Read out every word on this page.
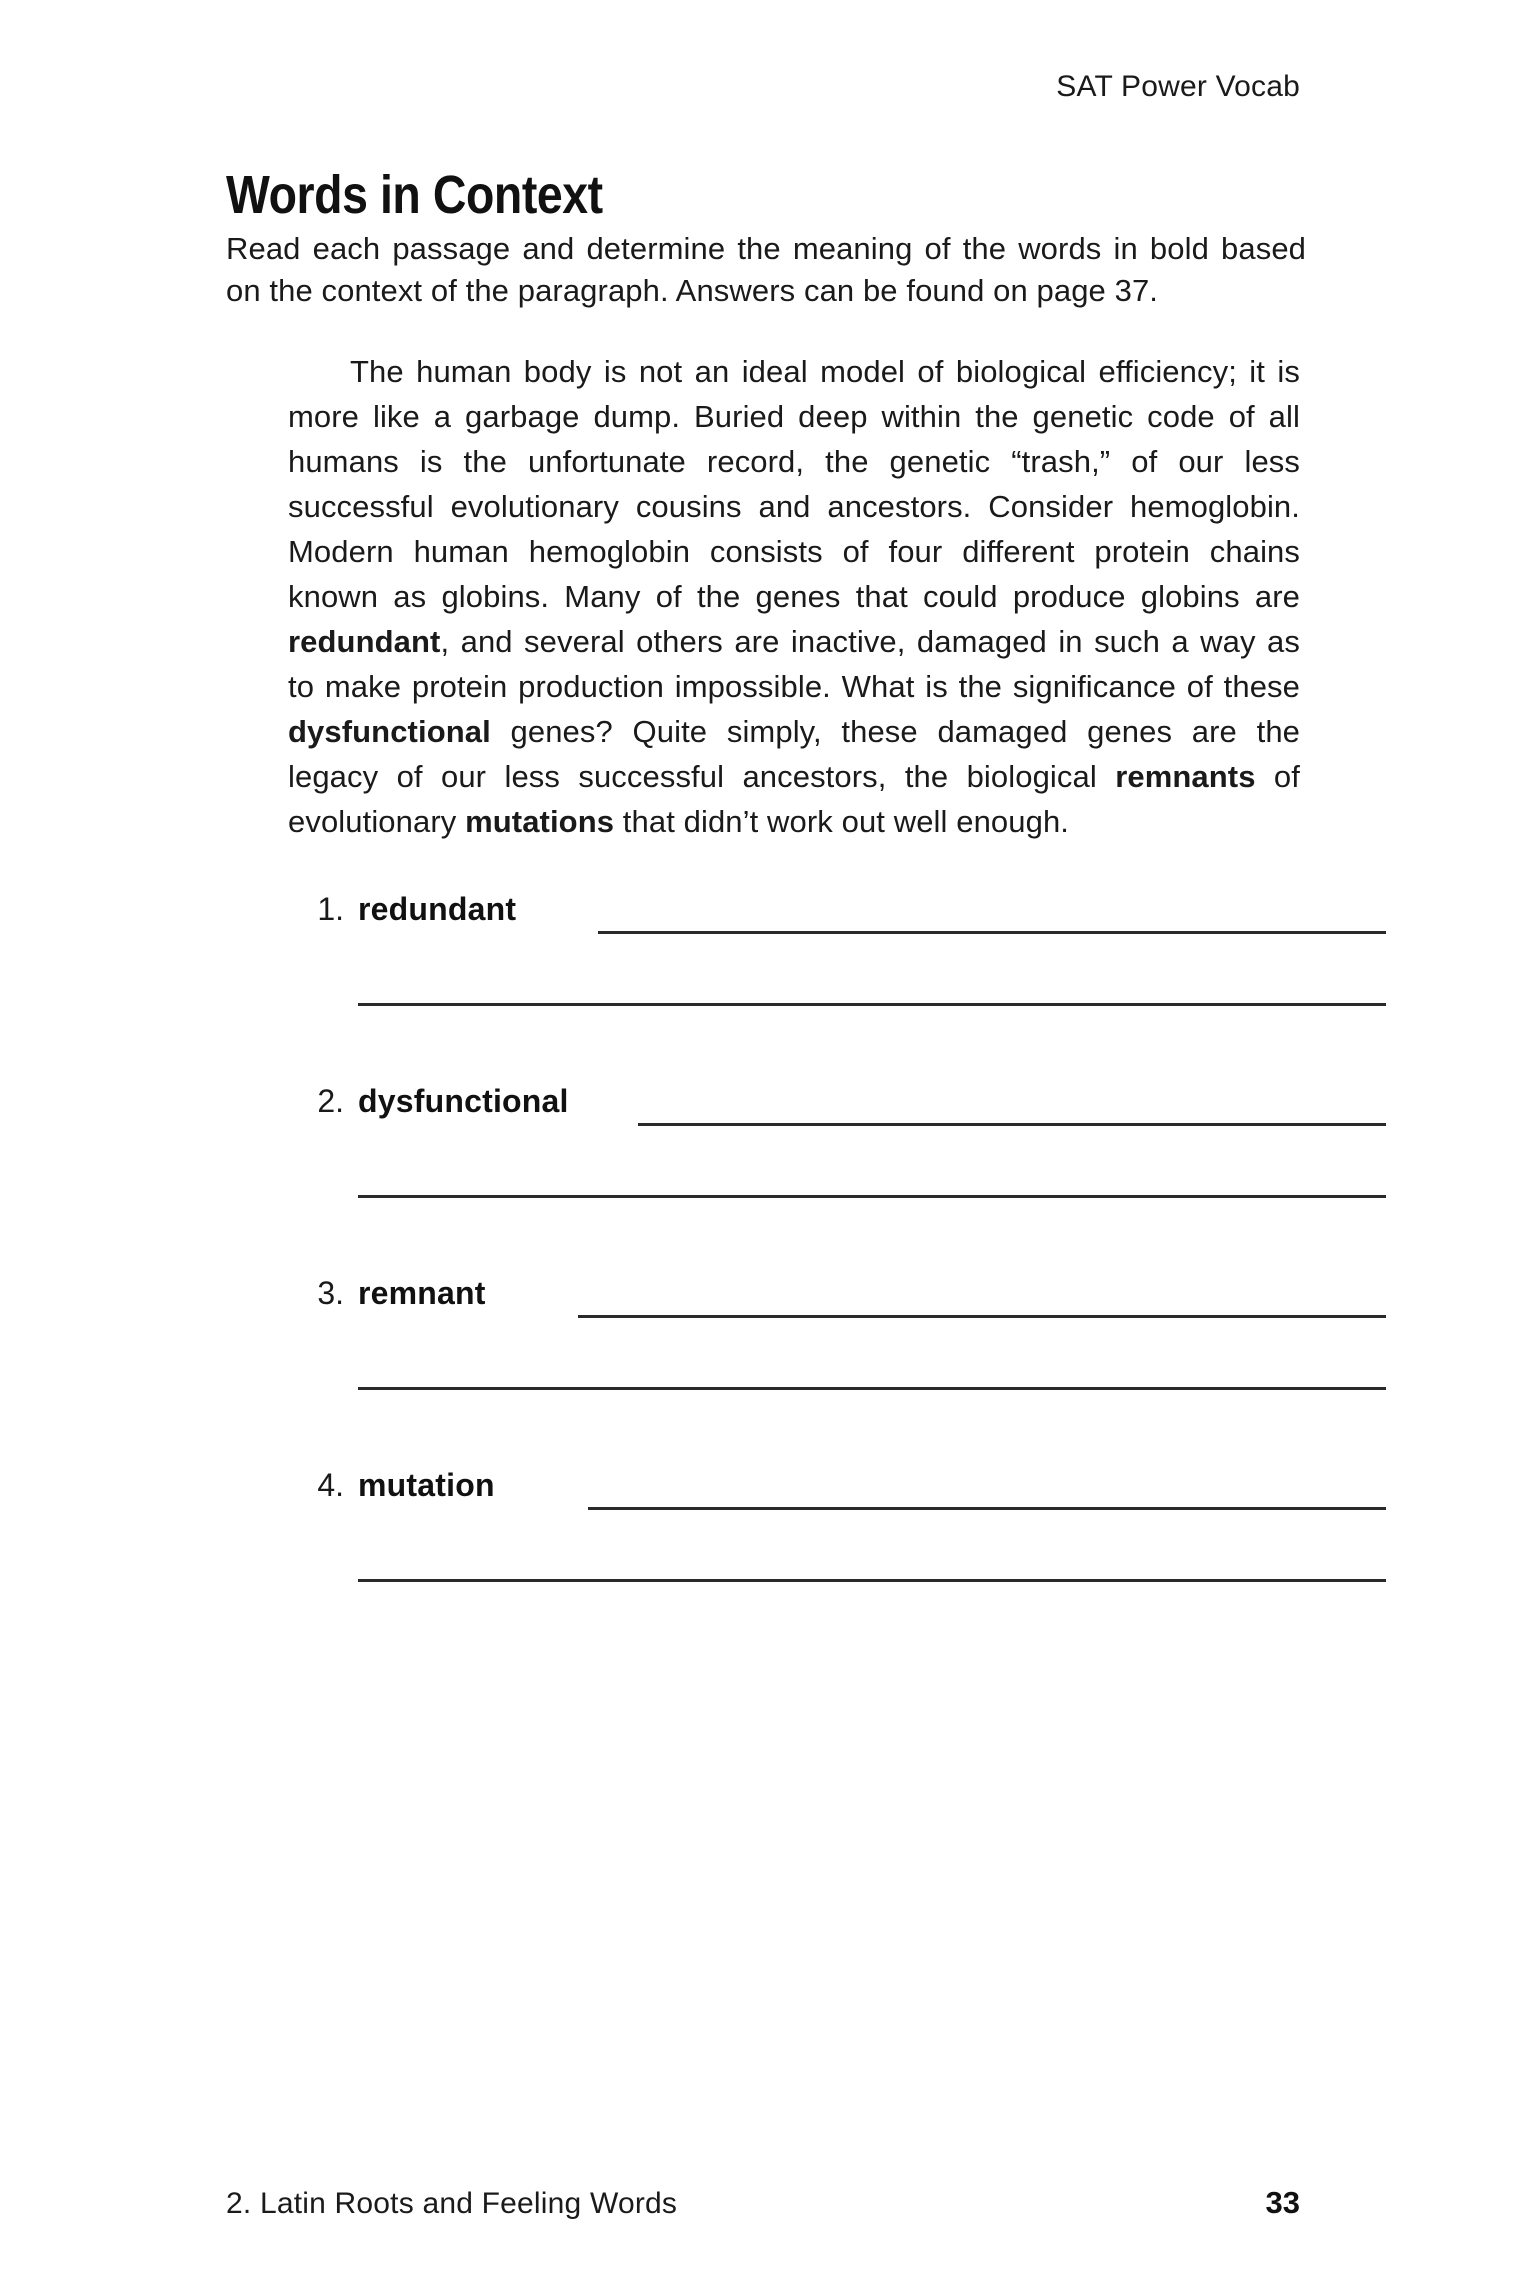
SAT Power Vocab
Words in Context

Read each passage and determine the meaning of the words in bold based on the context of the paragraph. Answers can be found on page 37.

The human body is not an ideal model of biological efficiency; it is more like a garbage dump. Buried deep within the genetic code of all humans is the unfortunate record, the genetic “trash,” of our less successful evolutionary cousins and ancestors. Consider hemoglobin. Modern human hemoglobin consists of four different protein chains known as globins. Many of the genes that could produce globins are redundant, and several others are inactive, damaged in such a way as to make protein production impossible. What is the significance of these dysfunctional genes? Quite simply, these damaged genes are the legacy of our less successful ancestors, the biological remnants of evolutionary mutations that didn’t work out well enough.

1. redundant
2. dysfunctional
3. remnant
4. mutation
2. Latin Roots and Feeling Words	33
